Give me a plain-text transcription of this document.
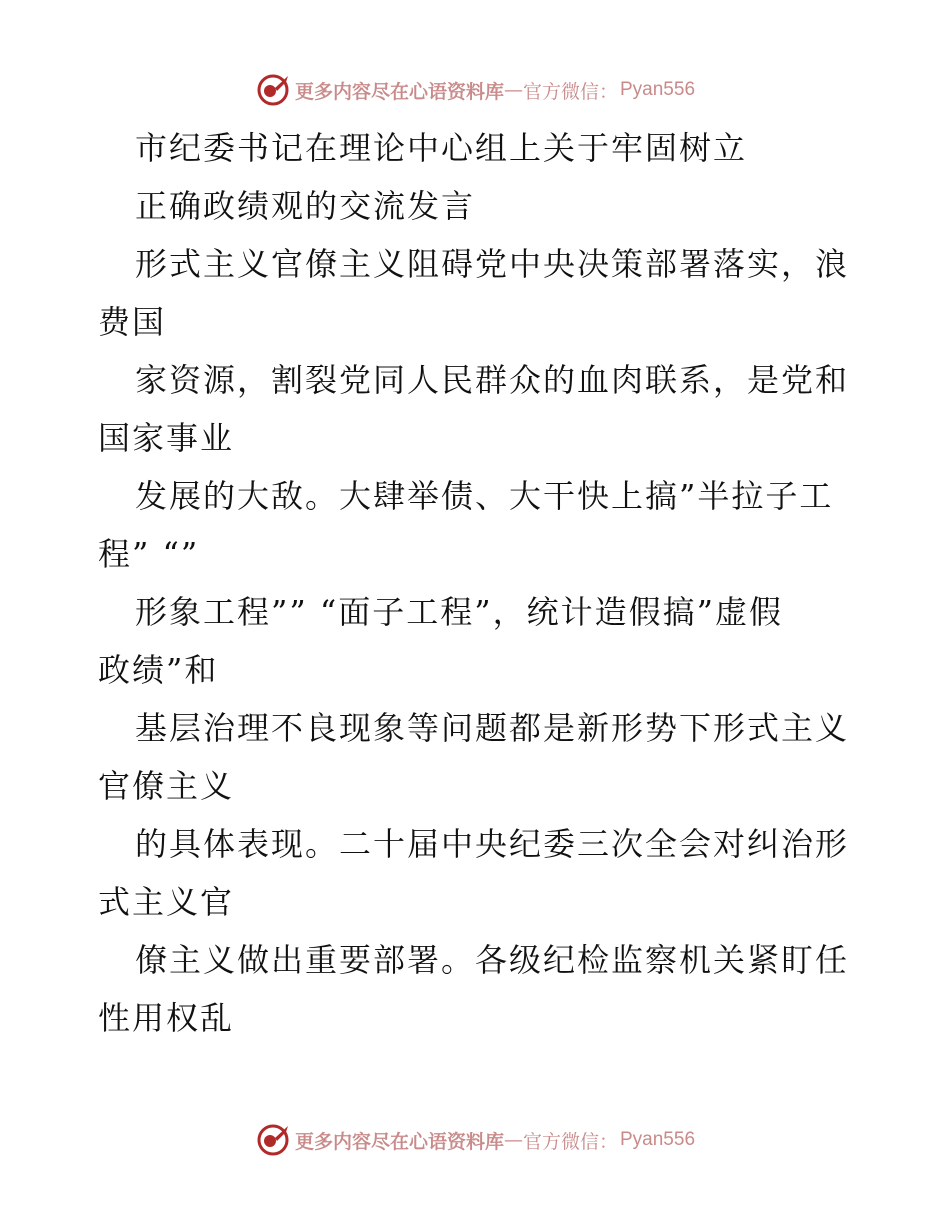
更多内容尽在心语资料库 — 官方微信： Pyan556
市纪委书记在理论中心组上关于牢固树立
正确政绩观的交流发言
形式主义官僚主义阻碍党中央决策部署落实，浪
费国
家资源，割裂党同人民群众的血肉联系，是党和
国家事业
发展的大敌。大肆举债、大干快上搞”半拉子工
程” “”
形象工程”” “面子工程”，统计造假搞”虚假
政绩”和
基层治理不良现象等问题都是新形势下形式主义
官僚主义
的具体表现。二十届中央纪委三次全会对纠治形
式主义官
僚主义做出重要部署。各级纪检监察机关紧盯任
性用权乱
更多内容尽在心语资料库 — 官方微信： Pyan556
